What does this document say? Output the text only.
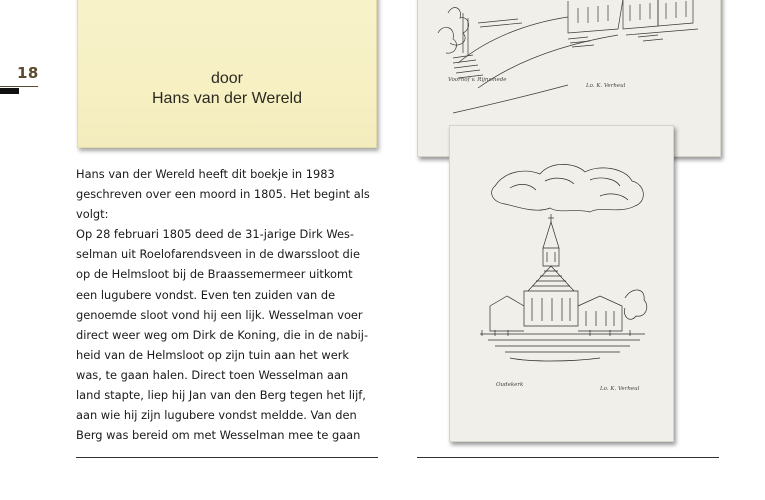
18	door
Hans van der Wereld
Hans van der Wereld heeft dit boekje in 1983
geschreven over een moord in 1805. Het begint als
volgt:
Op 28 februari 1805 deed de 31-jarige Dirk Wes-
selman uit Roelofarendsveen in de dwarssloot die
op de Helmsloot bij de Braassemermeer uitkomt
een lugubere vondst. Even ten zuiden van de
genoemde sloot vond hij een lijk. Wesselman voer
direct weer weg om Dirk de Koning, die in de nabij-
heid van de Helmsloot op zijn tuin aan het werk
was, te gaan halen. Direct toen Wesselman aan
land stapte, liep hij Jan van den Berg tegen het lijf,
aan wie hij zijn lugubere vondst meldde. Van den
Berg was bereid om met Wesselman mee te gaan
Voorhof v. Rijnsmede
Lo. K. Verheul
Oudekerk
Lo. K. Verheul
